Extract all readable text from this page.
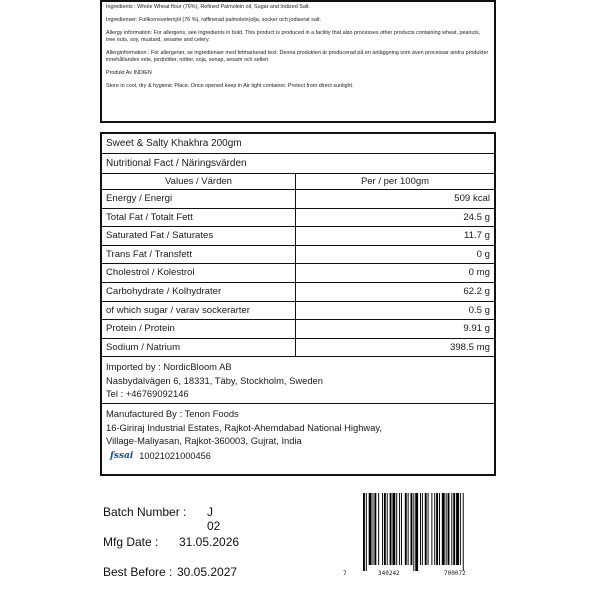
Ingredients : Whole Wheat flour (76%), Refined Palmolein oil, Sugar and Iodized Salt.

Ingredienser: Fullkornsvetemjöl (76 %), raffinerad palmolein(olja, socker och jodiserat salt.

Allergy information: For allergens, see ingredients in bold. This product is produced in a facility that also processes other products containing wheat, peanuts, tree nuts, soy, mustard, sesame and celery.

Allerginformation : För allergener, se ingredienser med fetmarkerad text. Denna produkten är producerad på en anläggning som även processar andra produkter innehållandes vete, jordnötter, nötter, soja, senap, sesam och selleri

Produkt Av INDIEN

Store in cool, dry & hygienic Place. Once opened keep in Air tight container. Protect from direct sunlight.

Sweet & Salty Khakhra 200gm
Nutritional Fact / Näringsvärden
Values / Värden	Per / per 100gm
Energy / Energi	509 kcal
Total Fat / Totalt Fett	24.5 g
Saturated Fat / Saturates	11.7 g
Trans Fat / Transfett	0 g
Cholestrol / Kolestrol	0 mg
Carbohydrate / Kolhydrater	62.2 g
of which sugar / varav sockerarter	0.5 g
Protein / Protein	9.91 g
Sodium / Natrium	398.5 mg
Imported by : NordicBloom AB
Nasbydalvägen 6, 18331, Täby, Stockholm, Sweden
Tel : +46769092146
Manufactured By : Tenon Foods
16-Giriraj Industrial Estates, Rajkot-Ahemdabad National Highway,
Village-Maliyasan, Rajkot-360003, Gujrat, India
fssai 10021021000456
Batch Number : J 02
Mfg Date : 31.05.2026
Best Before : 30.05.2027	7	340242	700072
